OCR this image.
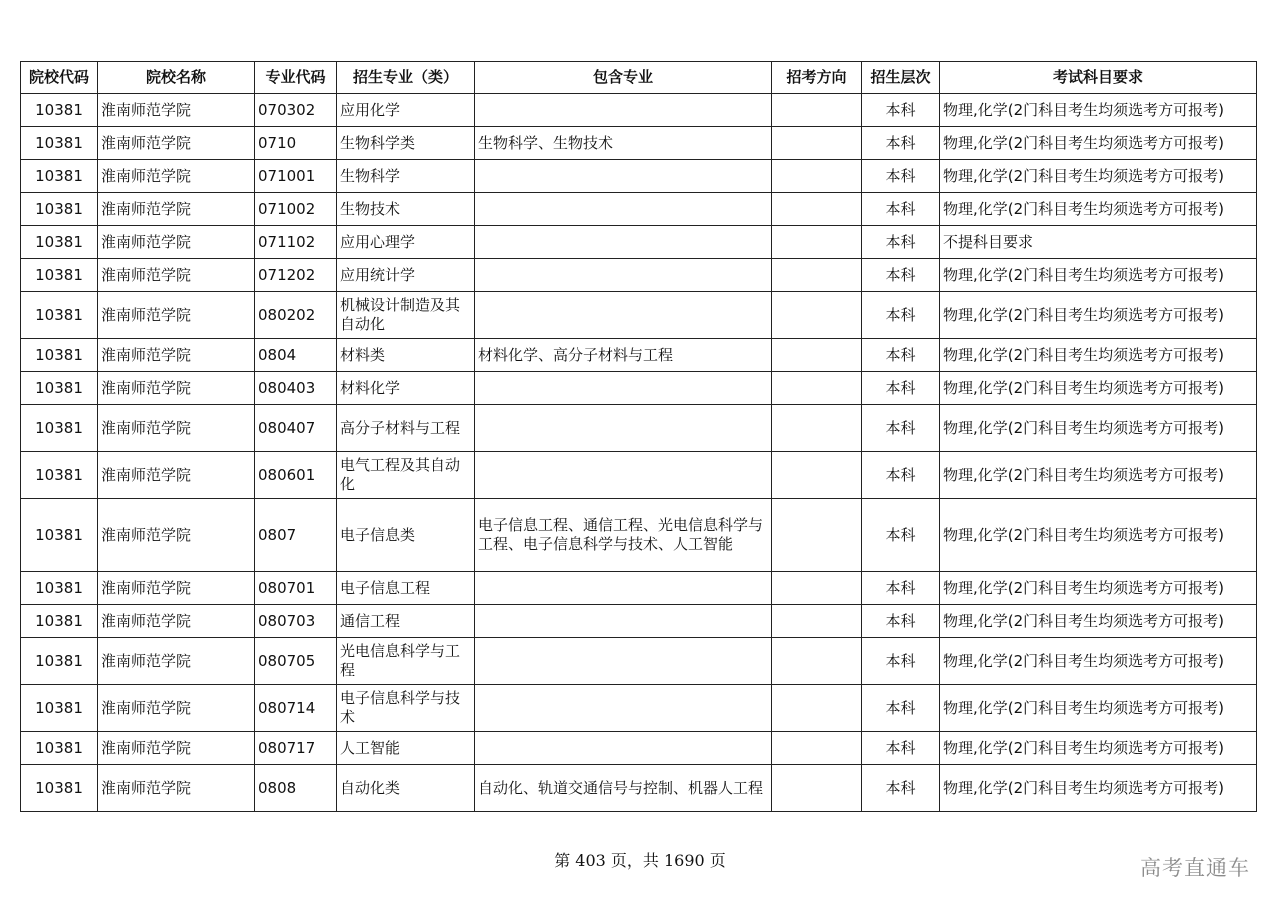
院校代码	院校名称	专业代码	招生专业（类）	包含专业	招考方向	招生层次	考试科目要求
10381	淮南师范学院	070302	应用化学			本科	物理,化学(2门科目考生均须选考方可报考)
10381	淮南师范学院	0710	生物科学类	生物科学、生物技术		本科	物理,化学(2门科目考生均须选考方可报考)
10381	淮南师范学院	071001	生物科学			本科	物理,化学(2门科目考生均须选考方可报考)
10381	淮南师范学院	071002	生物技术			本科	物理,化学(2门科目考生均须选考方可报考)
10381	淮南师范学院	071102	应用心理学			本科	不提科目要求
10381	淮南师范学院	071202	应用统计学			本科	物理,化学(2门科目考生均须选考方可报考)
10381	淮南师范学院	080202	机械设计制造及其自动化			本科	物理,化学(2门科目考生均须选考方可报考)
10381	淮南师范学院	0804	材料类	材料化学、高分子材料与工程		本科	物理,化学(2门科目考生均须选考方可报考)
10381	淮南师范学院	080403	材料化学			本科	物理,化学(2门科目考生均须选考方可报考)
10381	淮南师范学院	080407	高分子材料与工程			本科	物理,化学(2门科目考生均须选考方可报考)
10381	淮南师范学院	080601	电气工程及其自动化			本科	物理,化学(2门科目考生均须选考方可报考)
10381	淮南师范学院	0807	电子信息类	电子信息工程、通信工程、光电信息科学与工程、电子信息科学与技术、人工智能		本科	物理,化学(2门科目考生均须选考方可报考)
10381	淮南师范学院	080701	电子信息工程			本科	物理,化学(2门科目考生均须选考方可报考)
10381	淮南师范学院	080703	通信工程			本科	物理,化学(2门科目考生均须选考方可报考)
10381	淮南师范学院	080705	光电信息科学与工程			本科	物理,化学(2门科目考生均须选考方可报考)
10381	淮南师范学院	080714	电子信息科学与技术			本科	物理,化学(2门科目考生均须选考方可报考)
10381	淮南师范学院	080717	人工智能			本科	物理,化学(2门科目考生均须选考方可报考)
10381	淮南师范学院	0808	自动化类	自动化、轨道交通信号与控制、机器人工程		本科	物理,化学(2门科目考生均须选考方可报考)
第 403 页，共 1690 页	高考直通车
